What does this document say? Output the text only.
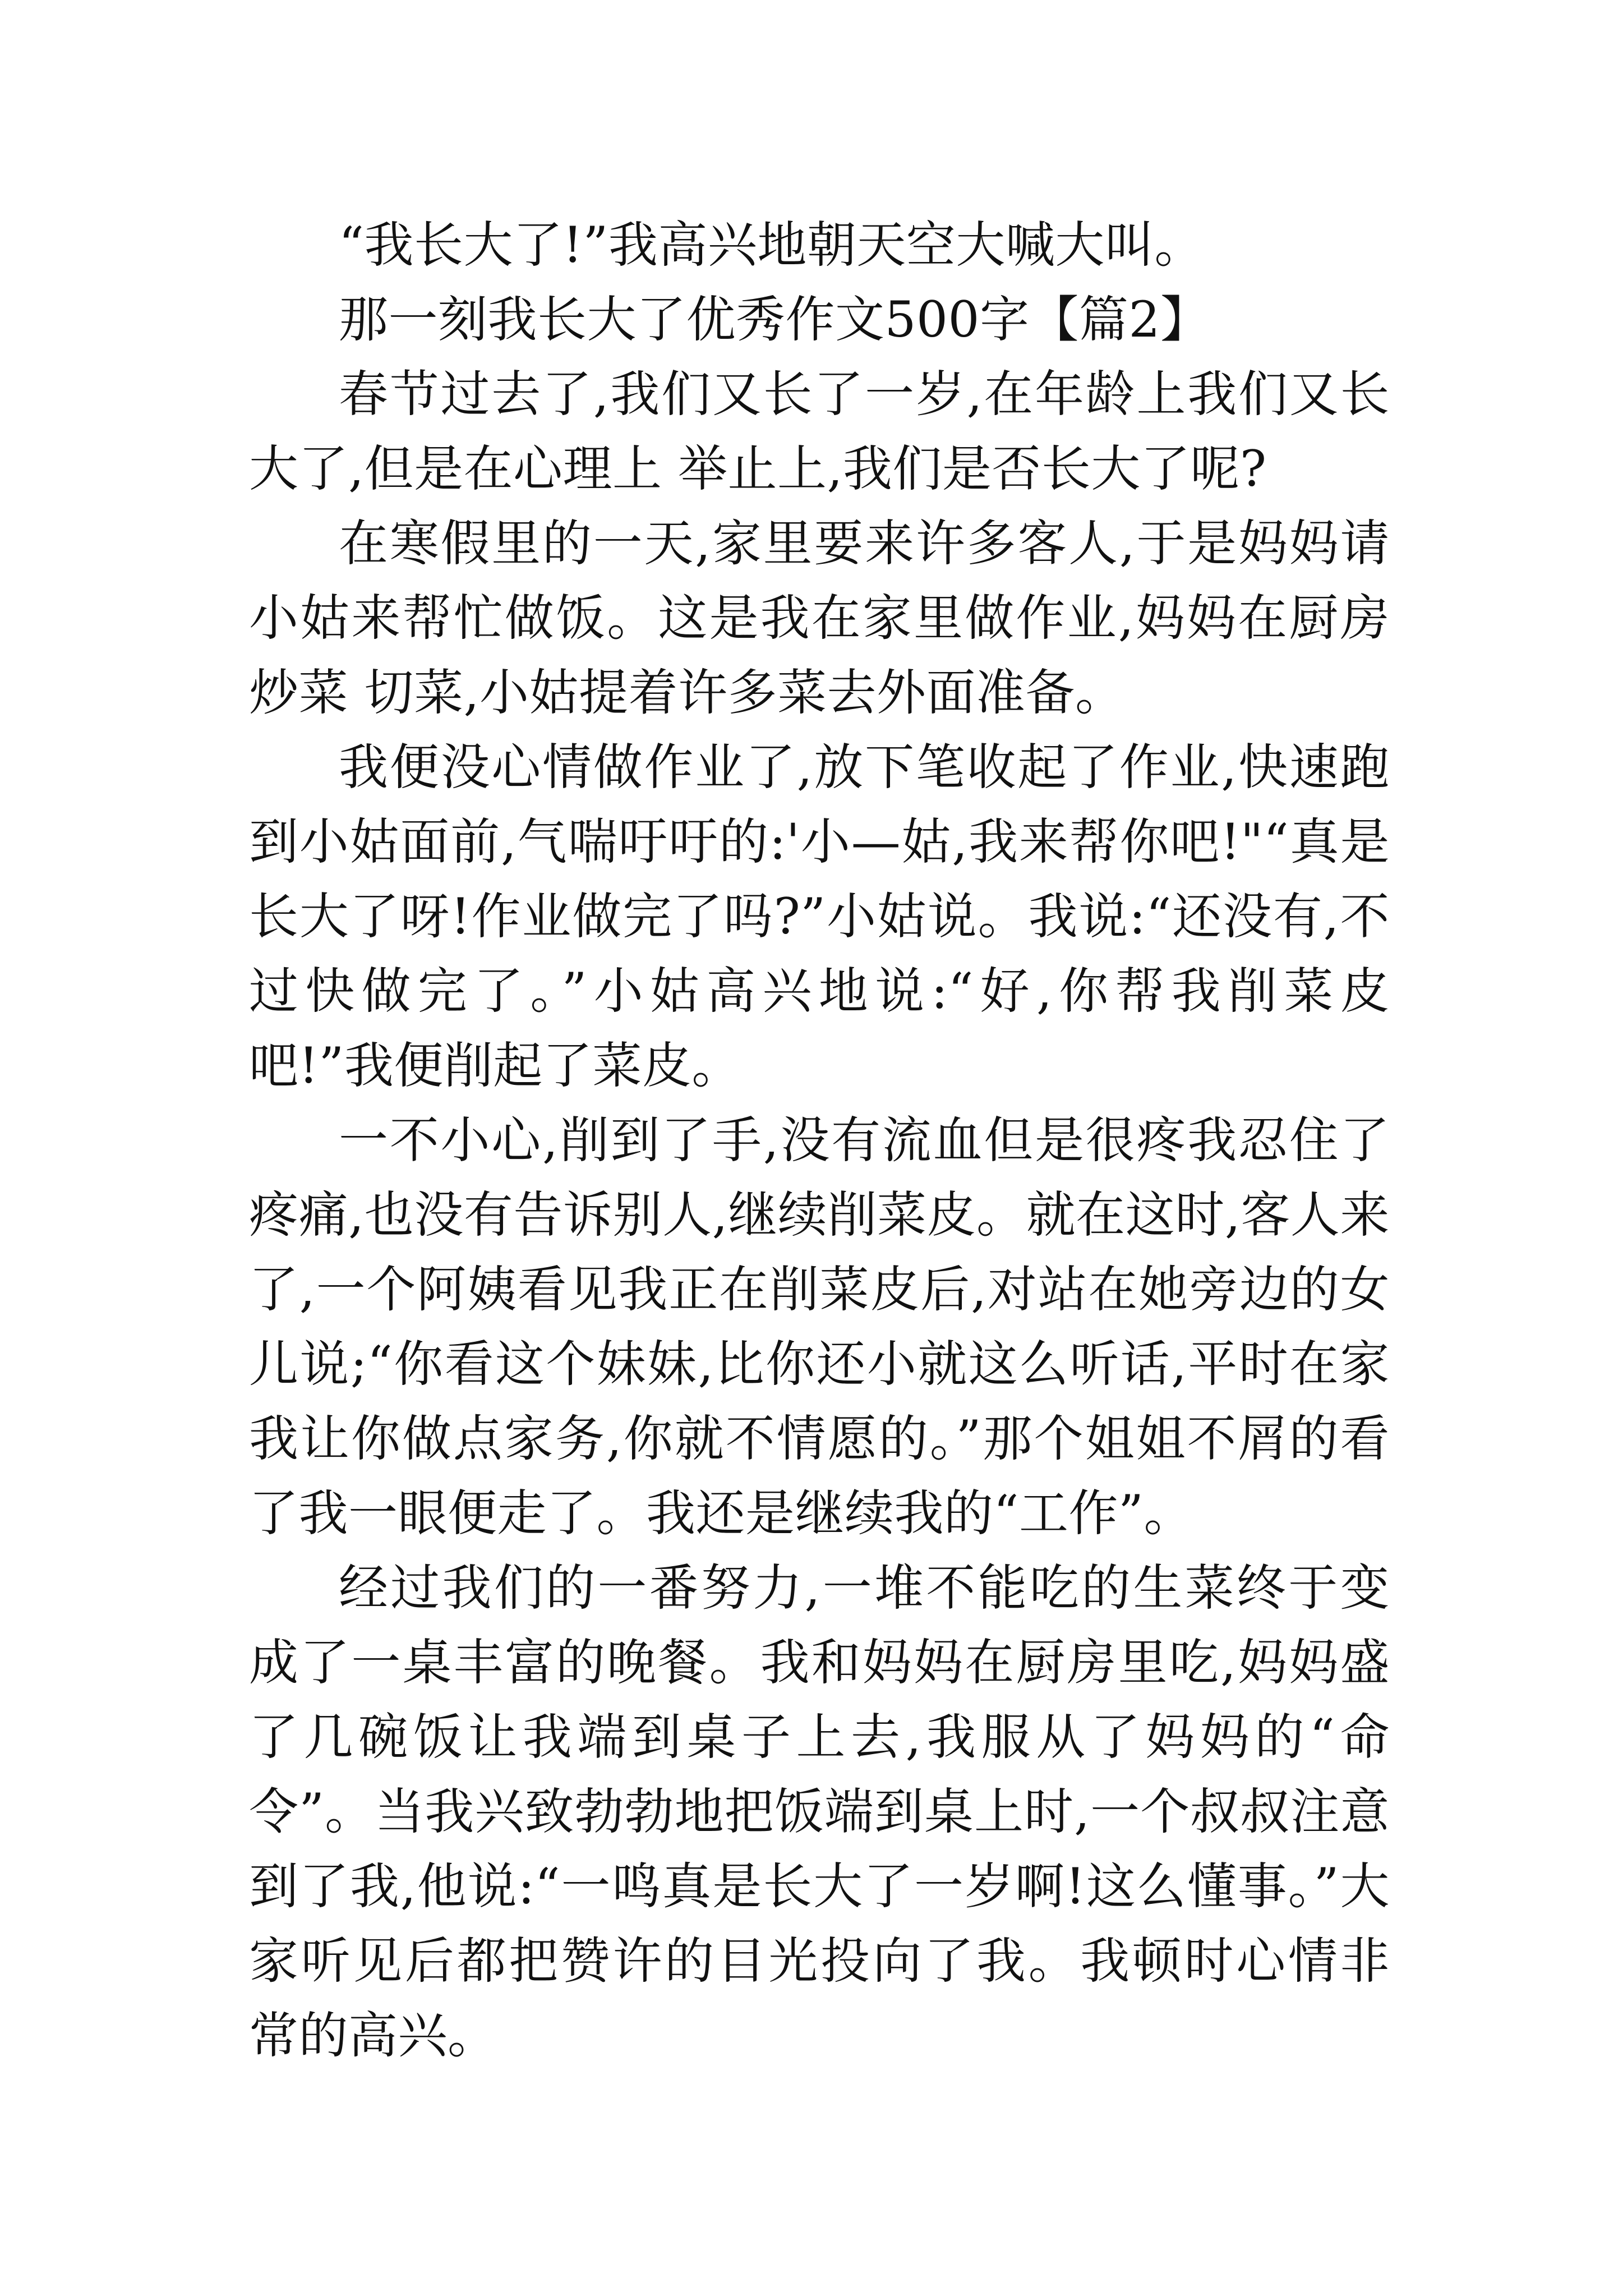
“我长大了!”我高兴地朝天空大喊大叫。

那一刻我长大了优秀作文500字【篇2】

春节过去了,我们又长了一岁,在年龄上我们又长大了,但是在心理上 举止上,我们是否长大了呢?

在寒假里的一天,家里要来许多客人,于是妈妈请小姑来帮忙做饭。这是我在家里做作业,妈妈在厨房炒菜 切菜,小姑提着许多菜去外面准备。

我便没心情做作业了,放下笔收起了作业,快速跑到小姑面前,气喘吁吁的:'小—姑,我来帮你吧!"“真是长大了呀!作业做完了吗?”小姑说。我说:“还没有,不过快做完了。”小姑高兴地说:“好,你帮我削菜皮吧!”我便削起了菜皮。

一不小心,削到了手,没有流血但是很疼我忍住了疼痛,也没有告诉别人,继续削菜皮。就在这时,客人来了,一个阿姨看见我正在削菜皮后,对站在她旁边的女儿说;“你看这个妹妹,比你还小就这么听话,平时在家我让你做点家务,你就不情愿的。”那个姐姐不屑的看了我一眼便走了。我还是继续我的“工作”。

经过我们的一番努力,一堆不能吃的生菜终于变成了一桌丰富的晚餐。我和妈妈在厨房里吃,妈妈盛了几碗饭让我端到桌子上去,我服从了妈妈的“命令”。当我兴致勃勃地把饭端到桌上时,一个叔叔注意到了我,他说:“一鸣真是长大了一岁啊!这么懂事。”大家听见后都把赞许的目光投向了我。我顿时心情非常的高兴。
